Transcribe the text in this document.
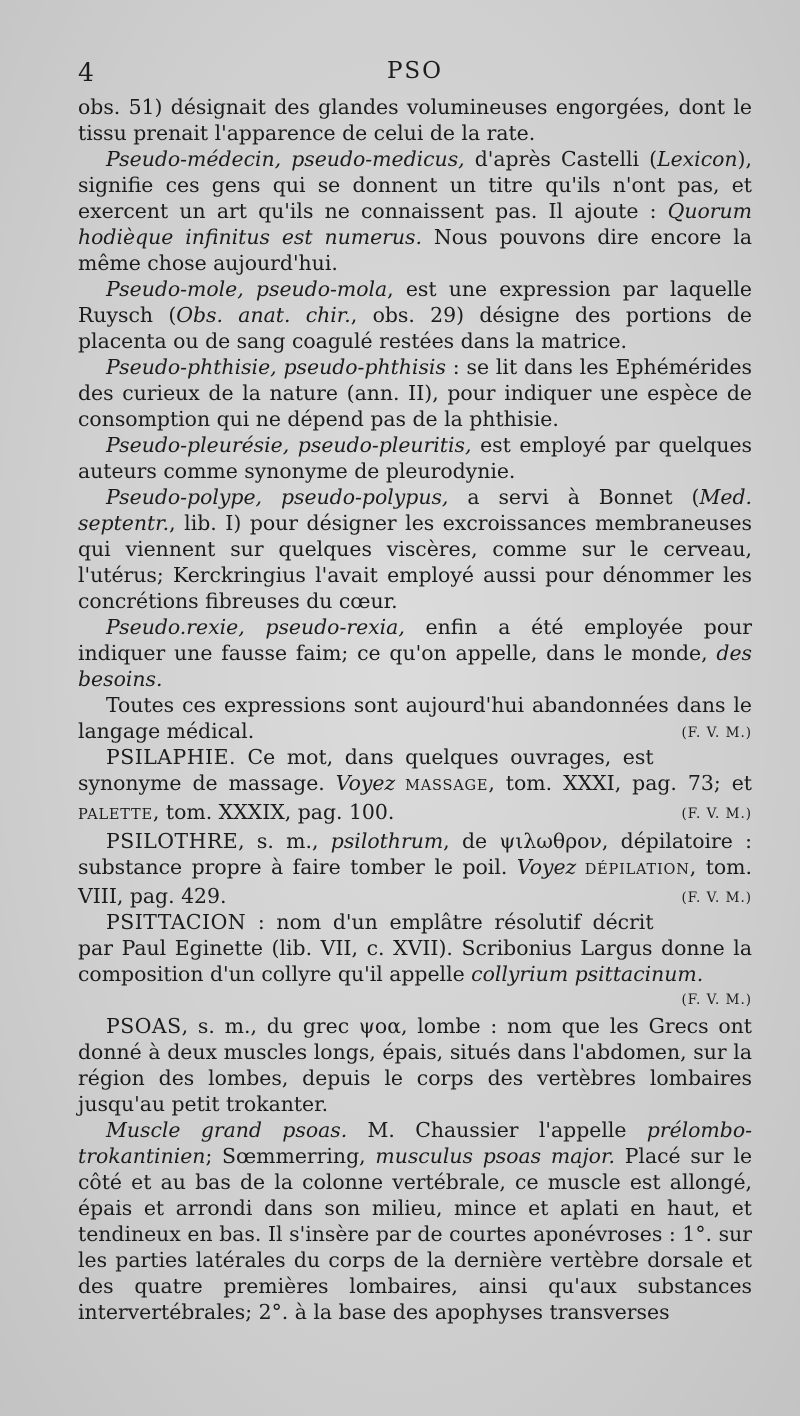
4	PSO

obs. 51) désignait des glandes volumineuses engorgées, dont le tissu prenait l'apparence de celui de la rate.

Pseudo-médecin, pseudo-medicus, d'après Castelli (Lexicon), signifie ces gens qui se donnent un titre qu'ils n'ont pas, et exercent un art qu'ils ne connaissent pas. Il ajoute : Quorum hodièque infinitus est numerus. Nous pouvons dire encore la même chose aujourd'hui.

Pseudo-mole, pseudo-mola, est une expression par laquelle Ruysch (Obs. anat. chir., obs. 29) désigne des portions de placenta ou de sang coagulé restées dans la matrice.

Pseudo-phthisie, pseudo-phthisis : se lit dans les Ephémérides des curieux de la nature (ann. II), pour indiquer une espèce de consomption qui ne dépend pas de la phthisie.

Pseudo-pleurésie, pseudo-pleuritis, est employé par quelques auteurs comme synonyme de pleurodynie.

Pseudo-polype, pseudo-polypus, a servi à Bonnet (Med. septentr., lib. I) pour désigner les excroissances membraneuses qui viennent sur quelques viscères, comme sur le cerveau, l'utérus; Kerckringius l'avait employé aussi pour dénommer les concrétions fibreuses du cœur.

Pseudo.rexie, pseudo-rexia, enfin a été employée pour indiquer une fausse faim; ce qu'on appelle, dans le monde, des besoins.

Toutes ces expressions sont aujourd'hui abandonnées dans le langage médical.	(F. V. M.)

PSILAPHIE. Ce mot, dans quelques ouvrages, est synonyme de massage. Voyez MASSAGE, tom. XXXI, pag. 73; et PALETTE, tom. XXXIX, pag. 100.	(F. V. M.)

PSILOTHRE, s. m., psilothrum, de ψιλωθρον, dépilatoire : substance propre à faire tomber le poil. Voyez DÉPILATION, tom. VIII, pag. 429.	(F. V. M.)

PSITTACION : nom d'un emplâtre résolutif décrit par Paul Eginette (lib. VII, c. XVII). Scribonius Largus donne la composition d'un collyre qu'il appelle collyrium psittacinum.

(F. V. M.)

PSOAS, s. m., du grec ψοα, lombe : nom que les Grecs ont donné à deux muscles longs, épais, situés dans l'abdomen, sur la région des lombes, depuis le corps des vertèbres lombaires jusqu'au petit trokanter.

Muscle grand psoas. M. Chaussier l'appelle prélombo-trokantinien; Sœmmerring, musculus psoas major. Placé sur le côté et au bas de la colonne vertébrale, ce muscle est allongé, épais et arrondi dans son milieu, mince et aplati en haut, et tendineux en bas. Il s'insère par de courtes aponévroses : 1°. sur les parties latérales du corps de la dernière vertèbre dorsale et des quatre premières lombaires, ainsi qu'aux substances intervertébrales; 2°. à la base des apophyses transverses
